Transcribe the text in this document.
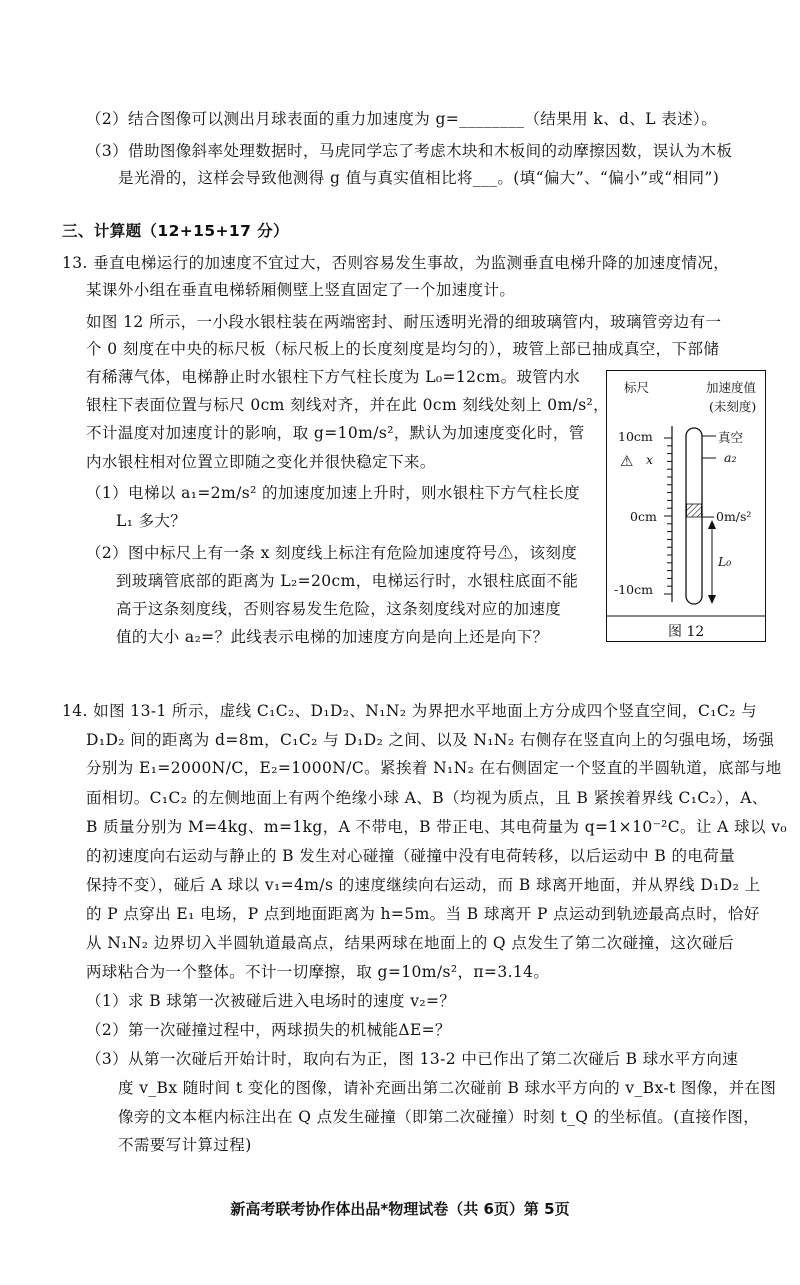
（2）结合图像可以测出月球表面的重力加速度为 g=________（结果用 k、d、L 表述）。
（3）借助图像斜率处理数据时，马虎同学忘了考虑木块和木板间的动摩擦因数，误认为木板
是光滑的，这样会导致他测得 g 值与真实值相比将___。(填“偏大”、“偏小”或“相同”)
三、计算题（12+15+17 分）
13. 垂直电梯运行的加速度不宜过大，否则容易发生事故，为监测垂直电梯升降的加速度情况，
某课外小组在垂直电梯轿厢侧壁上竖直固定了一个加速度计。
如图 12 所示，一小段水银柱装在两端密封、耐压透明光滑的细玻璃管内，玻璃管旁边有一
个 0 刻度在中央的标尺板（标尺板上的长度刻度是均匀的），玻管上部已抽成真空，下部储
有稀薄气体，电梯静止时水银柱下方气柱长度为 L₀=12cm。玻管内水
银柱下表面位置与标尺 0cm 刻线对齐，并在此 0cm 刻线处刻上 0m/s²，
不计温度对加速度计的影响，取 g=10m/s²，默认为加速度变化时，管
内水银柱相对位置立即随之变化并很快稳定下来。
（1）电梯以 a₁=2m/s² 的加速度加速上升时，则水银柱下方气柱长度
L₁ 多大？
（2）图中标尺上有一条 x 刻度线上标注有危险加速度符号⚠，该刻度
到玻璃管底部的距离为 L₂=20cm，电梯运行时，水银柱底面不能
高于这条刻度线，否则容易发生危险，这条刻度线对应的加速度
值的大小 a₂=？此线表示电梯的加速度方向是向上还是向下？
标尺	加速度值
(未刻度)
10cm
⚠ x
真空
a₂
0cm	0m/s²
L₀
-10cm
图 12
14. 如图 13-1 所示，虚线 C₁C₂、D₁D₂、N₁N₂ 为界把水平地面上方分成四个竖直空间，C₁C₂ 与
D₁D₂ 间的距离为 d=8m，C₁C₂ 与 D₁D₂ 之间、以及 N₁N₂ 右侧存在竖直向上的匀强电场，场强
分别为 E₁=2000N/C，E₂=1000N/C。紧挨着 N₁N₂ 在右侧固定一个竖直的半圆轨道，底部与地
面相切。C₁C₂ 的左侧地面上有两个绝缘小球 A、B（均视为质点，且 B 紧挨着界线 C₁C₂），A、
B 质量分别为 M=4kg、m=1kg，A 不带电，B 带正电、其电荷量为 q=1×10⁻²C。让 A 球以 v₀
的初速度向右运动与静止的 B 发生对心碰撞（碰撞中没有电荷转移，以后运动中 B 的电荷量
保持不变），碰后 A 球以 v₁=4m/s 的速度继续向右运动，而 B 球离开地面，并从界线 D₁D₂ 上
的 P 点穿出 E₁ 电场，P 点到地面距离为 h=5m。当 B 球离开 P 点运动到轨迹最高点时，恰好
从 N₁N₂ 边界切入半圆轨道最高点，结果两球在地面上的 Q 点发生了第二次碰撞，这次碰后
两球粘合为一个整体。不计一切摩擦，取 g=10m/s²，π=3.14。
（1）求 B 球第一次被碰后进入电场时的速度 v₂=？
（2）第一次碰撞过程中，两球损失的机械能ΔE=？
（3）从第一次碰后开始计时，取向右为正，图 13-2 中已作出了第二次碰后 B 球水平方向速
度 v_Bx 随时间 t 变化的图像，请补充画出第二次碰前 B 球水平方向的 v_Bx-t 图像，并在图
像旁的文本框内标注出在 Q 点发生碰撞（即第二次碰撞）时刻 t_Q 的坐标值。(直接作图，
不需要写计算过程)
新高考联考协作体出品*物理试卷（共 6页）第 5页
